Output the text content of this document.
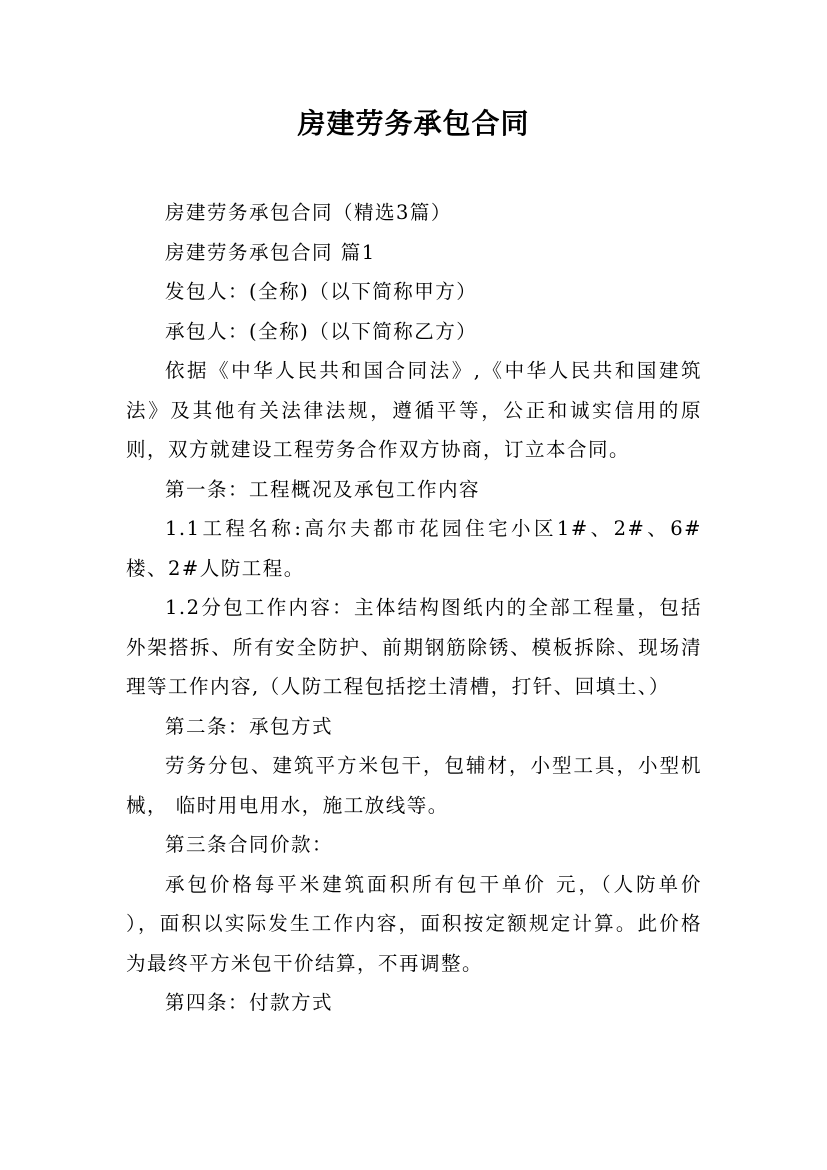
房建劳务承包合同

房建劳务承包合同（精选3篇）

房建劳务承包合同 篇1

发包人：(全称)（以下简称甲方）

承包人：(全称)（以下简称乙方）

依据《中华人民共和国合同法》,《中华人民共和国建筑法》及其他有关法律法规，遵循平等，公正和诚实信用的原则，双方就建设工程劳务合作双方协商，订立本合同。

第一条：工程概况及承包工作内容

1.1工程名称:高尔夫都市花园住宅小区1#、2#、6#楼、2#人防工程。

1.2分包工作内容：主体结构图纸内的全部工程量，包括外架搭拆、所有安全防护、前期钢筋除锈、模板拆除、现场清理等工作内容,（人防工程包括挖土清槽，打钎、回填土、）

第二条：承包方式

劳务分包、建筑平方米包干，包辅材，小型工具，小型机械， 临时用电用水，施工放线等。

第三条合同价款：

承包价格每平米建筑面积所有包干单价 元，（人防单价 ），面积以实际发生工作内容，面积按定额规定计算。此价格为最终平方米包干价结算，不再调整。

第四条：付款方式
